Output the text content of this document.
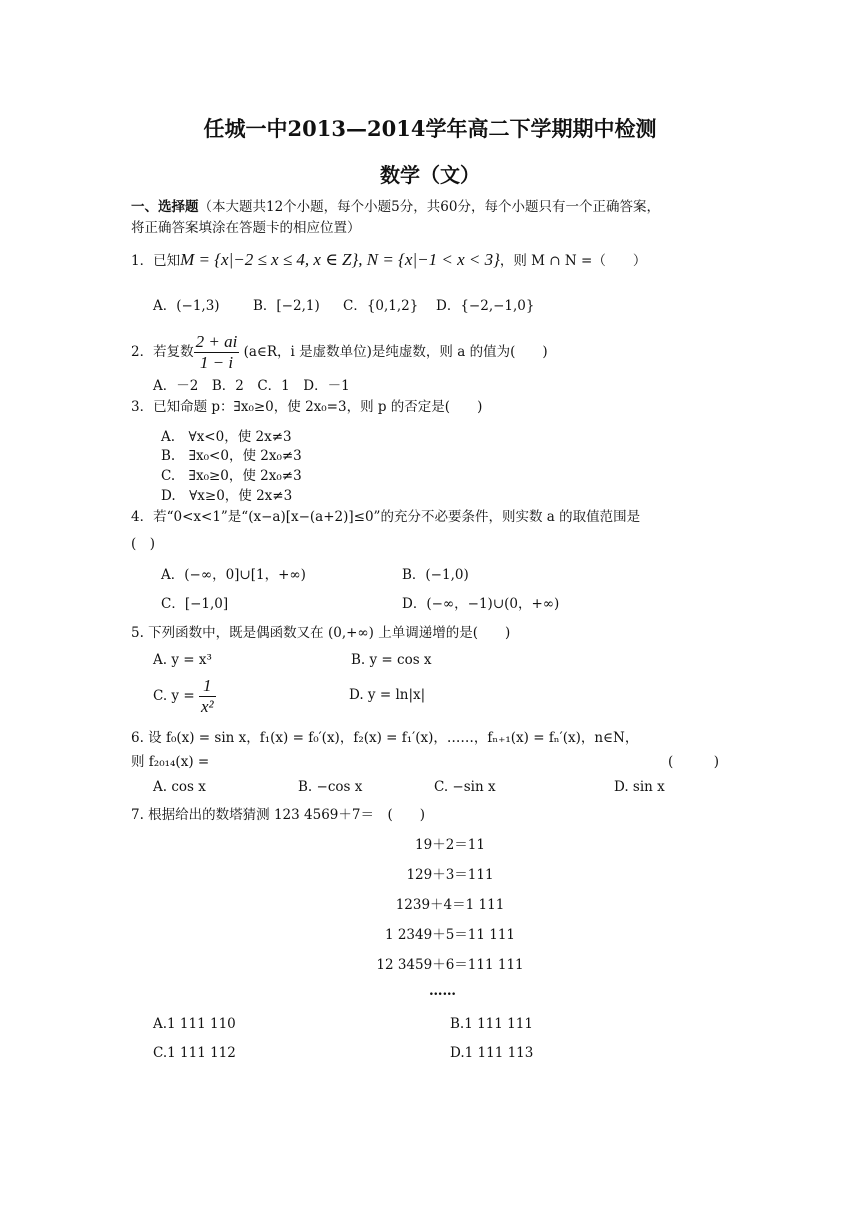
任城一中2013—2014学年高二下学期期中检测
数学（文）
一、选择题（本大题共12个小题，每个小题5分，共60分，每个小题只有一个正确答案，
将正确答案填涂在答题卡的相应位置）
1．已知M = {x|−2 ≤ x ≤ 4, x ∈ Z}, N = {x|−1 < x < 3}，则 M ∩ N =（　　）
A．(−1,3) B．[−2,1) C．{0,1,2} D．{−2,−1,0}
2．若复数 $\frac{2 + ai}{1 - i}$ (a∈R，i 是虚数单位)是纯虚数，则 a 的值为(　　)
A．－2　B．2　C．1　D．－1
3．已知命题 p：∃x₀≥0，使 2x₀=3，则 p 的否定是(　　)
A.　∀x<0，使 2x≠3
B.　∃x₀<0，使 2x₀≠3
C.　∃x₀≥0，使 2x₀≠3
D.　∀x≥0，使 2x≠3
4．若“0<x<1”是“(x−a)[x−(a+2)]≤0”的充分不必要条件，则实数 a 的取值范围是
(　)
A．(−∞，0]∪[1，+∞)	B．(−1,0)
C．[−1,0]	D．(−∞，−1)∪(0，+∞)
5. 下列函数中，既是偶函数又在 (0,+∞) 上单调递增的是(　　)
A. y = x³	B. y = cos x
C. $y = \frac{1}{\text{x²}}$	D. y = ln|x|
6. 设 f₀(x) = sin x，f₁(x) = f₀′(x)，f₂(x) = f₁′(x)，……，fₙ₊₁(x) = fₙ′(x)，n∈N，
则 f₂₀₁₄(x) =	(　　　)
A. cos x	B. −cos x	C. −sin x	D. sin x
7. 根据给出的数塔猜测 123 4569＋7＝　(　　)
19＋2＝11
129＋3＝111
1239＋4＝1 111
1 2349＋5＝11 111
12 3459＋6＝111 111
……
A.1 111 110	B.1 111 111
C.1 111 112	D.1 111 113
